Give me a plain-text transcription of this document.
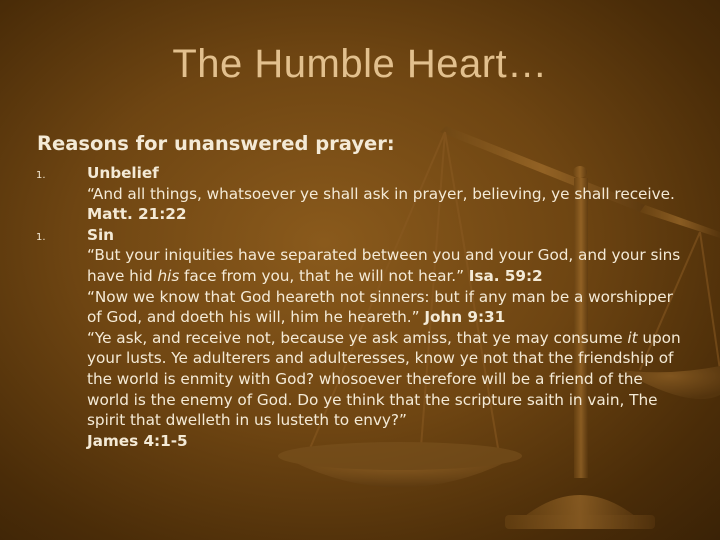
The Humble Heart…
Reasons for unanswered prayer:
1.
1.

Unbelief

“And all things, whatsoever ye shall ask in prayer, believing, ye shall receive. Matt. 21:22

Sin

“But your iniquities have separated between you and your God, and your sins have hid his face from you, that he will not hear.” Isa. 59:2

“Now we know that God heareth not sinners: but if any man be a worshipper of God, and doeth his will, him he heareth.” John 9:31

“Ye ask, and receive not, because ye ask amiss, that ye may consume it upon your lusts. Ye adulterers and adulteresses, know ye not that the friendship of the world is enmity with God? whosoever therefore will be a friend of the world is the enemy of God. Do ye think that the scripture saith in vain, The spirit that dwelleth in us lusteth to envy?”

James 4:1-5
